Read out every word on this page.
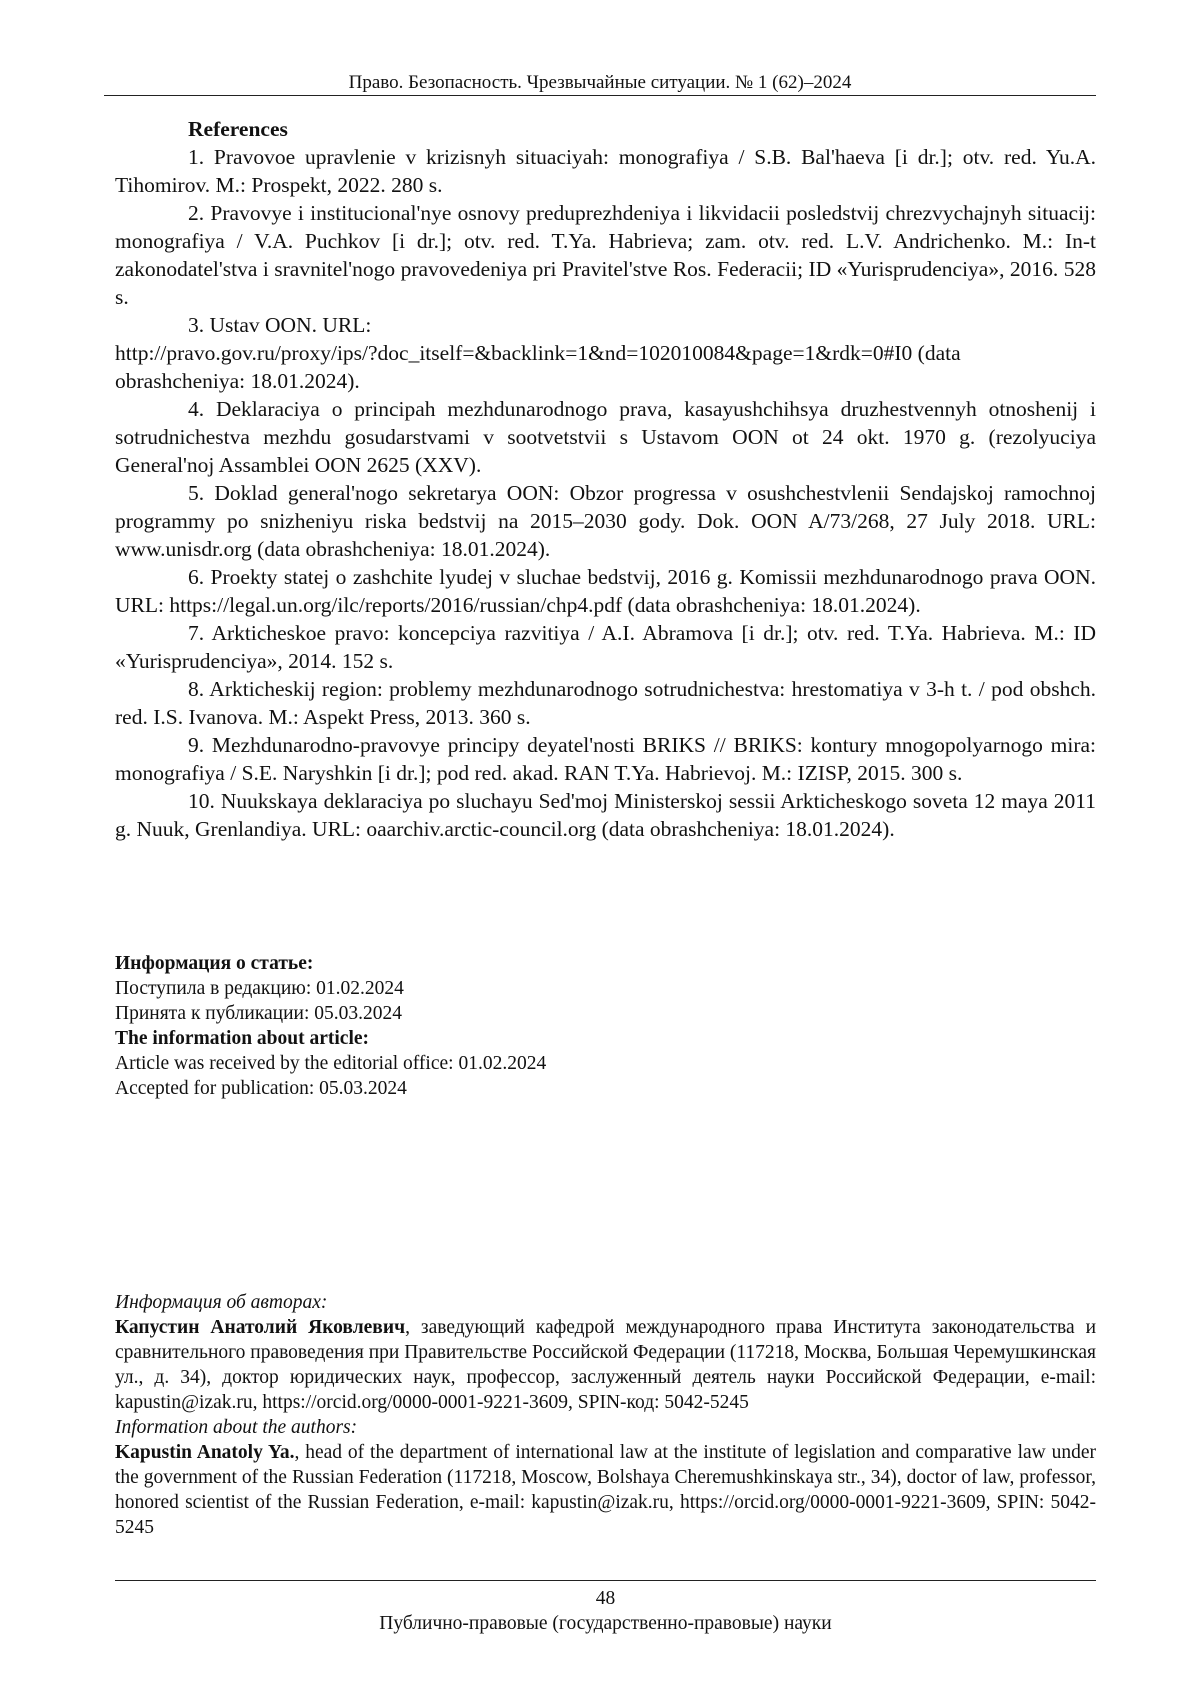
Право. Безопасность. Чрезвычайные ситуации. № 1 (62)–2024
References

1. Pravovoe upravlenie v krizisnyh situaciyah: monografiya / S.B. Bal'haeva [i dr.]; otv. red. Yu.A. Tihomirov. M.: Prospekt, 2022. 280 s.

2. Pravovye i institucional'nye osnovy preduprezhdeniya i likvidacii posledstvij chrezvychajnyh situacij: monografiya / V.A. Puchkov [i dr.]; otv. red. T.Ya. Habrieva; zam. otv. red. L.V. Andrichenko. M.: In-t zakonodatel'stva i sravnitel'nogo pravovedeniya pri Pravitel'stve Ros. Federacii; ID «Yurisprudenciya», 2016. 528 s.

3. Ustav OON. URL:

http://pravo.gov.ru/proxy/ips/?doc_itself=&backlink=1&nd=102010084&page=1&rdk=0#I0 (data obrashcheniya: 18.01.2024).

4. Deklaraciya o principah mezhdunarodnogo prava, kasayushchihsya druzhestvennyh otnoshenij i sotrudnichestva mezhdu gosudarstvami v sootvetstvii s Ustavom OON ot 24 okt. 1970 g. (rezolyuciya General'noj Assamblei OON 2625 (XXV).

5. Doklad general'nogo sekretarya OON: Obzor progressa v osushchestvlenii Sendajskoj ramochnoj programmy po snizheniyu riska bedstvij na 2015–2030 gody. Dok. OON A/73/268, 27 July 2018. URL: www.unisdr.org (data obrashcheniya: 18.01.2024).

6. Proekty statej o zashchite lyudej v sluchae bedstvij, 2016 g. Komissii mezhdunarodnogo prava OON. URL: https://legal.un.org/ilc/reports/2016/russian/chp4.pdf (data obrashcheniya: 18.01.2024).

7. Arkticheskoe pravo: koncepciya razvitiya / A.I. Abramova [i dr.]; otv. red. T.Ya. Habrieva. M.: ID «Yurisprudenciya», 2014. 152 s.

8. Arkticheskij region: problemy mezhdunarodnogo sotrudnichestva: hrestomatiya v 3-h t. / pod obshch. red. I.S. Ivanova. M.: Aspekt Press, 2013. 360 s.

9. Mezhdunarodno-pravovye principy deyatel'nosti BRIKS // BRIKS: kontury mnogopolyarnogo mira: monografiya / S.E. Naryshkin [i dr.]; pod red. akad. RAN T.Ya. Habrievoj. M.: IZISP, 2015. 300 s.

10. Nuukskaya deklaraciya po sluchayu Sed'moj Ministerskoj sessii Arkticheskogo soveta 12 maya 2011 g. Nuuk, Grenlandiya. URL: oaarchiv.arctic-council.org (data obrashcheniya: 18.01.2024).

Информация о статье:
Поступила в редакцию: 01.02.2024
Принята к публикации: 05.03.2024
The information about article:
Article was received by the editorial office: 01.02.2024
Accepted for publication: 05.03.2024
Информация об авторах:
Капустин Анатолий Яковлевич, заведующий кафедрой международного права Института законодательства и сравнительного правоведения при Правительстве Российской Федерации (117218, Москва, Большая Черемушкинская ул., д. 34), доктор юридических наук, профессор, заслуженный деятель науки Российской Федерации, e-mail: kapustin@izak.ru, https://orcid.org/0000-0001-9221-3609, SPIN-код: 5042-5245
Information about the authors:
Kapustin Anatoly Ya., head of the department of international law at the institute of legislation and comparative law under the government of the Russian Federation (117218, Moscow, Bolshaya Cheremushkinskaya str., 34), doctor of law, professor, honored scientist of the Russian Federation, e-mail: kapustin@izak.ru, https://orcid.org/0000-0001-9221-3609, SPIN: 5042-5245
48
Публично-правовые (государственно-правовые) науки
